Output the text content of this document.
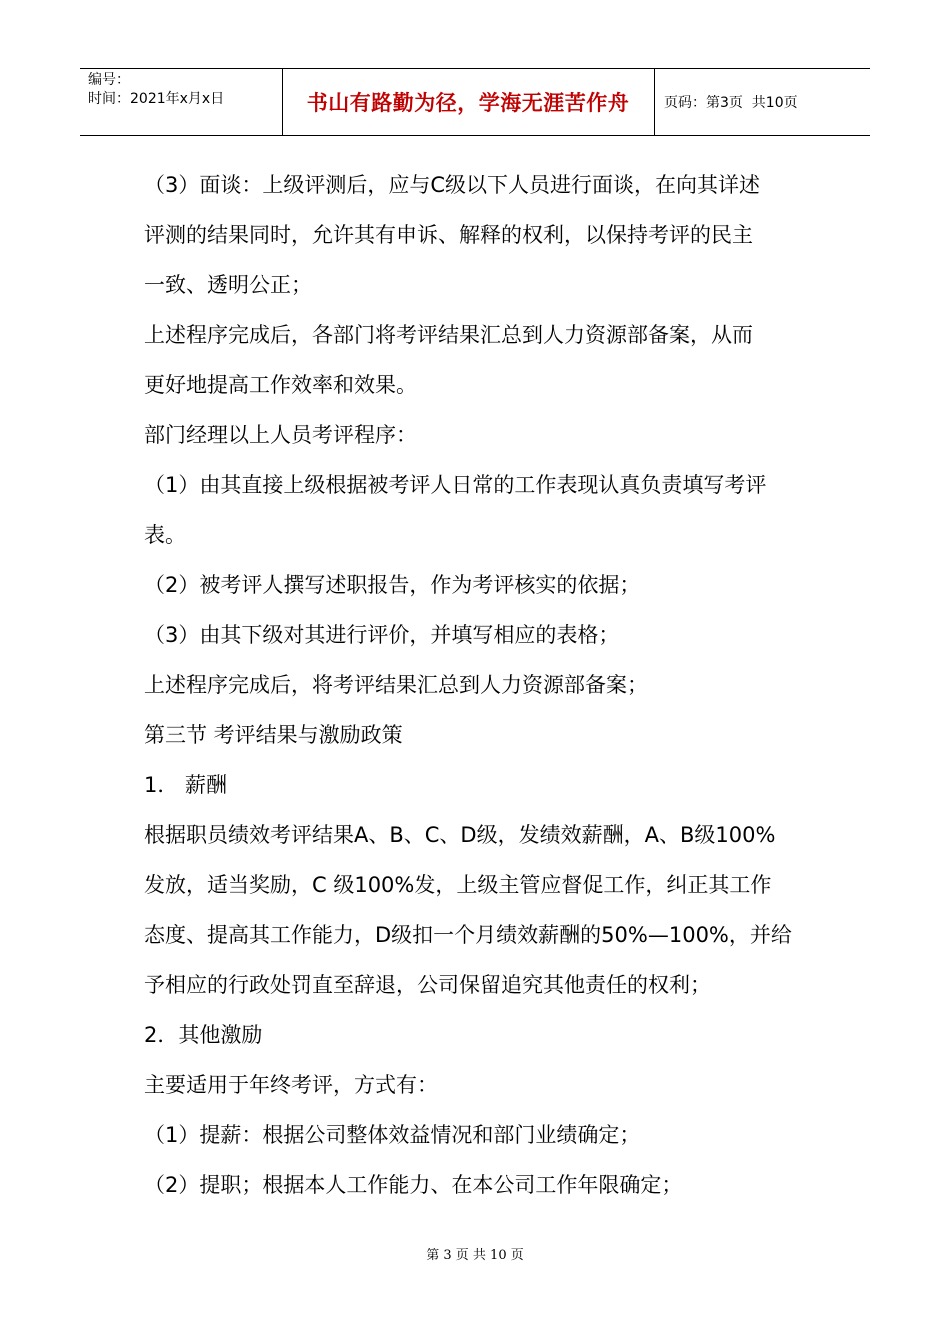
编号：
时间：2021年x月x日	书山有路勤为径，学海无涯苦作舟	页码：第3页  共10页
（3）面谈：上级评测后，应与C级以下人员进行面谈，在向其详述
评测的结果同时，允许其有申诉、解释的权利，以保持考评的民主
一致、透明公正；
上述程序完成后，各部门将考评结果汇总到人力资源部备案，从而
更好地提高工作效率和效果。
部门经理以上人员考评程序：
（1）由其直接上级根据被考评人日常的工作表现认真负责填写考评
表。
（2）被考评人撰写述职报告，作为考评核实的依据；
（3）由其下级对其进行评价，并填写相应的表格；
上述程序完成后，将考评结果汇总到人力资源部备案；
第三节 考评结果与激励政策
1． 薪酬
根据职员绩效考评结果A、B、C、D级，发绩效薪酬，A、B级100%
发放，适当奖励，C 级100%发，上级主管应督促工作，纠正其工作
态度、提高其工作能力，D级扣一个月绩效薪酬的50%—100%，并给
予相应的行政处罚直至辞退，公司保留追究其他责任的权利；
2．其他激励
主要适用于年终考评，方式有：
（1）提薪：根据公司整体效益情况和部门业绩确定；
（2）提职；根据本人工作能力、在本公司工作年限确定；
第 3 页 共 10 页
